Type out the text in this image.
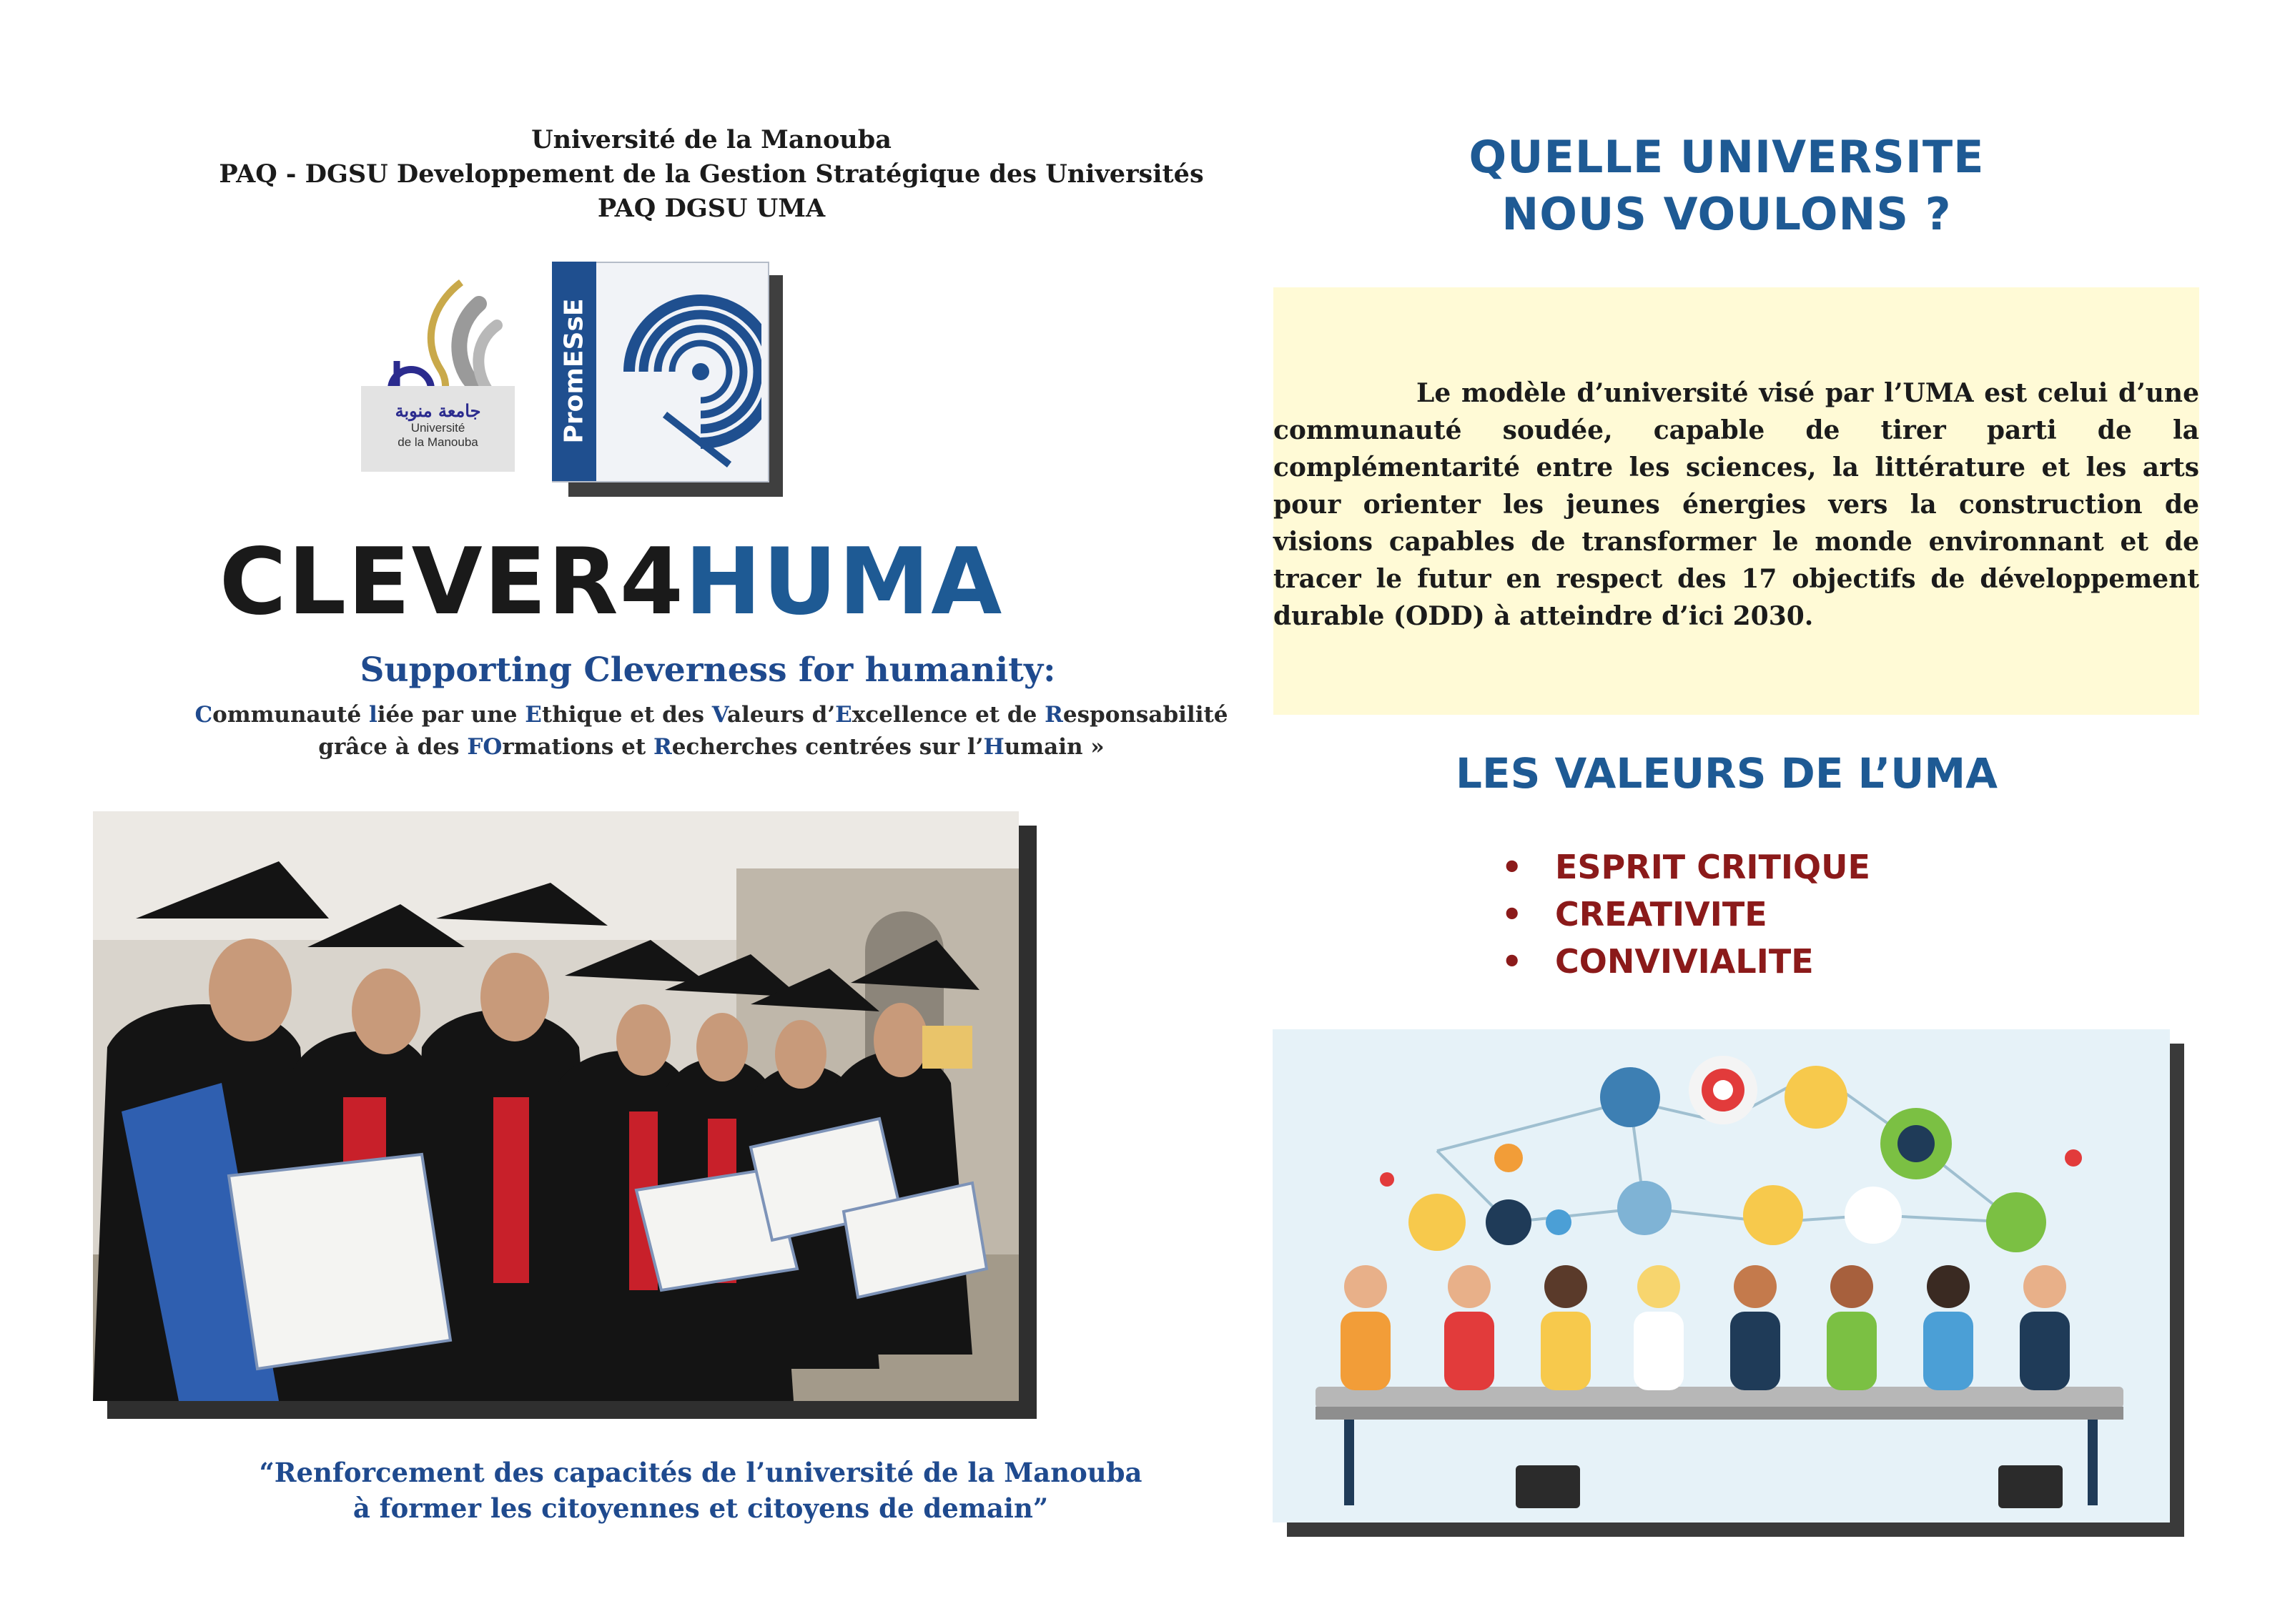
Université de la Manouba
PAQ - DGSU Developpement de la Gestion Stratégique des Universités
PAQ DGSU UMA
جامعة منوبة
Université
de la Manouba	PromESsE
CLEVER4HUMA
Supporting Cleverness for humanity:
Communauté liée par une Ethique et des Valeurs d’Excellence et de Responsabilité
grâce à des FOrmations et Recherches centrées sur l’Humain »
“Renforcement des capacités de l’université de la Manouba
à former les citoyennes et citoyens de demain”
QUELLE UNIVERSITE
NOUS VOULONS ?
Le modèle d’université visé par l’UMA est celui d’une communauté soudée, capable de tirer parti de la complémentarité entre les sciences, la littérature et les arts pour orienter les jeunes énergies vers la construction de visions capables de transformer le monde environnant et de tracer le futur en respect des 17 objectifs de développement durable (ODD) à atteindre d’ici 2030.
LES VALEURS DE L’UMA
• ESPRIT CRITIQUE
• CREATIVITE
• CONVIVIALITE
